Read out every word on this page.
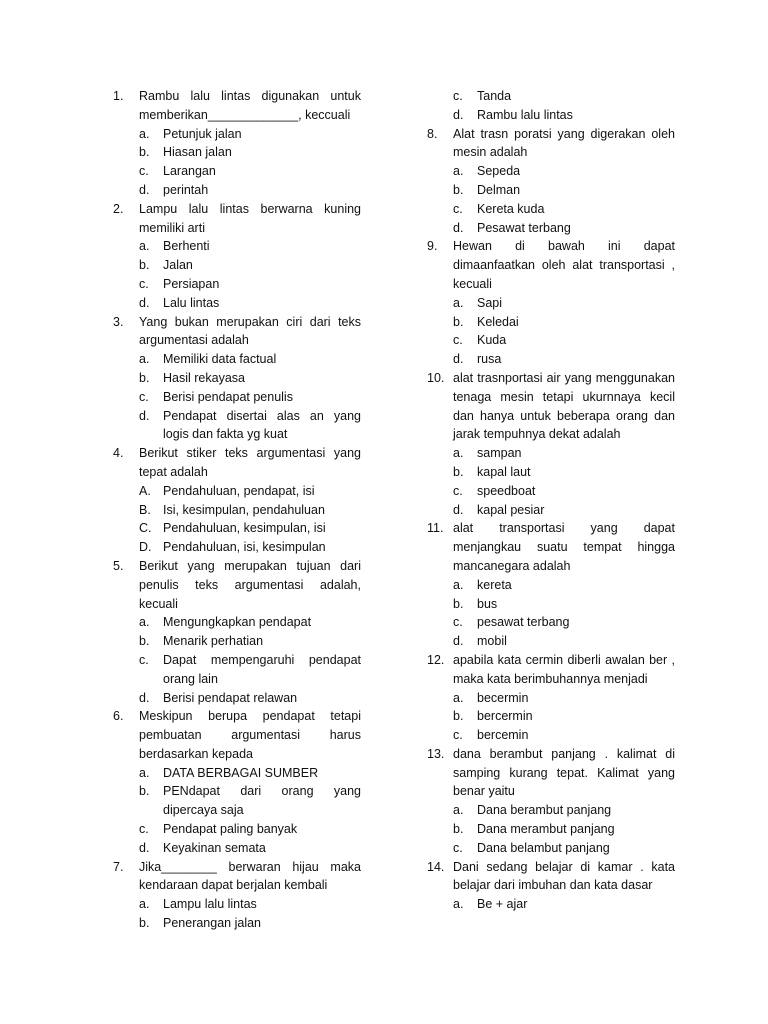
1.	Rambu lalu lintas digunakan untuk memberikan_____________, keccuali
a.	Petunjuk jalan
b.	Hiasan jalan
c.	Larangan
d.	perintah
2.	Lampu lalu lintas berwarna kuning memiliki arti
a.	Berhenti
b.	Jalan
c.	Persiapan
d.	Lalu lintas
3.	Yang bukan merupakan ciri dari teks argumentasi adalah
a.	Memiliki data factual
b.	Hasil rekayasa
c.	Berisi pendapat penulis
d.	Pendapat disertai alas an yang logis dan fakta yg kuat
4.	Berikut stiker teks argumentasi yang tepat adalah
A. Pendahuluan, pendapat, isi
B. Isi, kesimpulan, pendahuluan
C. Pendahuluan, kesimpulan, isi
D. Pendahuluan, isi, kesimpulan
5.	Berikut yang merupakan tujuan dari penulis teks argumentasi adalah, kecuali
a.	Mengungkapkan pendapat
b.	Menarik perhatian
c.	Dapat mempengaruhi pendapat orang lain
d.	Berisi pendapat relawan
6.	Meskipun berupa pendapat tetapi pembuatan argumentasi harus berdasarkan kepada
a.	DATA BERBAGAI SUMBER
b.	PENdapat dari orang yang dipercaya saja
c.	Pendapat paling banyak
d.	Keyakinan semata
7.	Jika________ berwaran hijau maka kendaraan dapat berjalan kembali
a.	Lampu lalu lintas
b.	Penerangan jalan
c.	Tanda
d.	Rambu lalu lintas
8.	Alat trasn poratsi yang digerakan oleh mesin adalah
a.	Sepeda
b.	Delman
c.	Kereta kuda
d.	Pesawat terbang
9.	Hewan di bawah ini dapat dimaanfaatkan oleh alat transportasi , kecuali
a.	Sapi
b.	Keledai
c.	Kuda
d.	rusa
10. alat trasnportasi air yang menggunakan tenaga mesin tetapi ukurnnaya kecil dan hanya untuk beberapa orang dan jarak tempuhnya dekat adalah
a.	sampan
b.	kapal laut
c.	speedboat
d.	kapal pesiar
11. alat transportasi yang dapat menjangkau suatu tempat hingga mancanegara adalah
a.	kereta
b.	bus
c.	pesawat terbang
d.	mobil
12. apabila kata cermin diberli awalan ber , maka kata berimbuhannya menjadi
a.	becermin
b.	bercermin
c.	bercemin
13. dana berambut panjang . kalimat di samping kurang tepat. Kalimat yang benar yaitu
a.	Dana berambut panjang
b.	Dana merambut panjang
c.	Dana belambut panjang
14. Dani sedang belajar di kamar . kata belajar dari imbuhan dan kata dasar
a.	Be + ajar
